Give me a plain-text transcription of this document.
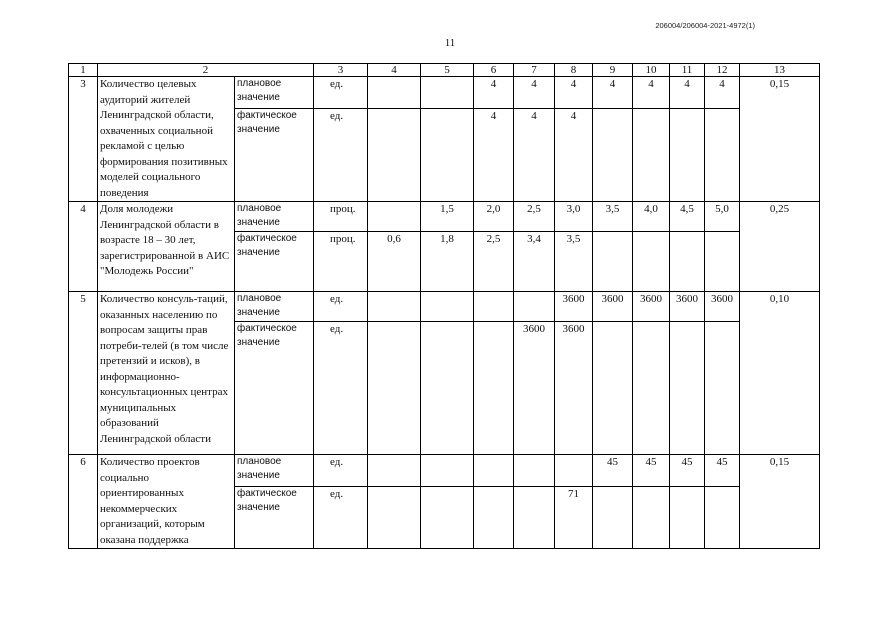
206004/206004-2021-4972(1)
11
1	2		3	4	5	6	7	8	9	10	11	12	13
3	Количество целевых аудиторий жителей Ленинградской области, охваченных социальной рекламой с целью формирования позитивных моделей социального поведения	плановое значение	ед.			4	4	4	4	4	4	4	0,15
		фактическое значение	ед.			4	4	4					
4	Доля молодежи Ленинградской области в возрасте 18 – 30 лет, зарегистрированной в АИС "Молодежь России"	плановое значение	проц.		1,5	2,0	2,5	3,0	3,5	4,0	4,5	5,0	0,25
		фактическое значение	проц.	0,6	1,8	2,5	3,4	3,5					
5	Количество консуль-таций, оказанных населению по вопросам защиты прав потреби-телей (в том числе претензий и исков), в информационно-консультационных центрах муниципальных образований Ленинградской области	плановое значение	ед.					3600	3600	3600	3600	3600	0,10
		фактическое значение	ед.				3600	3600					
6	Количество проектов социально ориентированных некоммерческих организаций, которым оказана поддержка	плановое значение	ед.						45	45	45	45	0,15
		фактическое значение	ед.					71					
